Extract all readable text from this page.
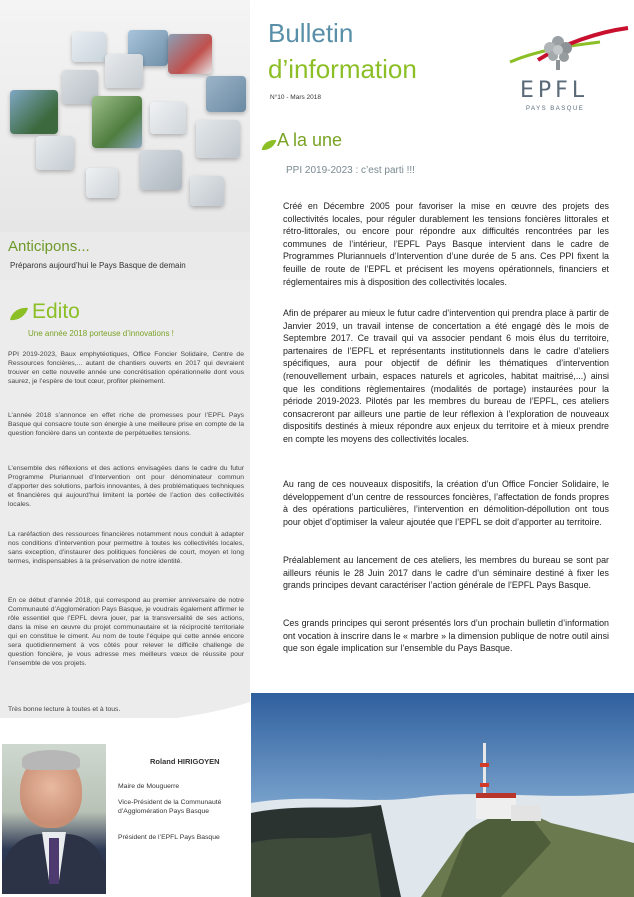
Anticipons...
Préparons aujourd’hui le Pays Basque de demain
Edito
Une année 2018 porteuse d’innovations !
PPI 2019-2023, Baux emphytéotiques, Office Foncier Solidaire, Centre de Ressources foncières,... autant de chantiers ouverts en 2017 qui devraient trouver en cette nouvelle année une concrétisation opérationnelle dont vous saurez, je l’espère de tout cœur, profiter pleinement.
L’année 2018 s’annonce en effet riche de promesses pour l’EPFL Pays Basque qui consacre toute son énergie à une meilleure prise en compte de la question foncière dans un contexte de perpétuelles tensions.
L’ensemble des réflexions et des actions envisagées dans le cadre du futur Programme Pluriannuel d’Intervention ont pour dénominateur commun d’apporter des solutions, parfois innovantes, à des problématiques techniques et financières qui aujourd’hui limitent la portée de l’action des collectivités locales.
La raréfaction des ressources financières notamment nous conduit à adapter nos conditions d’intervention pour permettre à toutes les collectivités locales, sans exception, d’instaurer des politiques foncières de court, moyen et long termes, indispensables à la préservation de notre identité.
En ce début d’année 2018, qui correspond au premier anniversaire de notre Communauté d’Agglomération Pays Basque, je voudrais également affirmer le rôle essentiel que l’EPFL devra jouer, par la transversalité de ses actions, dans la mise en œuvre du projet communautaire et la réciprocité territoriale qui en constitue le ciment. Au nom de toute l’équipe qui cette année encore sera quotidiennement à vos côtés pour relever le difficile challenge de question foncière, je vous adresse mes meilleurs vœux de réussite pour l’ensemble de vos projets.
Très bonne lecture à toutes et à tous.
Roland HIRIGOYEN
Maire de Mouguerre
Vice-Président de la Communauté d’Agglomération Pays Basque
Président de l’EPFL Pays Basque
Bulletin
d’information
N°10 - Mars 2018	EPFL
PAYS BASQUE
A la une
PPI 2019-2023 : c’est parti !!!
Créé en Décembre 2005 pour favoriser la mise en œuvre des projets des collectivités locales, pour réguler durablement les tensions foncières littorales et rétro-littorales, ou encore pour répondre aux difficultés rencontrées par les communes de l’intérieur, l’EPFL Pays Basque intervient dans le cadre de Programmes Pluriannuels d’Intervention d’une durée de 5 ans. Ces PPI fixent la feuille de route de l’EPFL et précisent les moyens opérationnels, financiers et réglementaires mis à disposition des collectivités locales.
Afin de préparer au mieux le futur cadre d’intervention qui prendra place à partir de Janvier 2019, un travail intense de concertation a été engagé dès le mois de Septembre 2017. Ce travail qui va associer pendant 6 mois élus du territoire, partenaires de l’EPFL et représentants institutionnels dans le cadre d’ateliers spécifiques, aura pour objectif de définir les thématiques d’intervention (renouvellement urbain, espaces naturels et agricoles, habitat maitrisé,...) ainsi que les conditions règlementaires (modalités de portage) instaurées pour la période 2019-2023. Pilotés par les membres du bureau de l’EPFL, ces ateliers consacreront par ailleurs une partie de leur réflexion à l’exploration de nouveaux dispositifs destinés à mieux répondre aux enjeux du territoire et à mieux prendre en compte les moyens des collectivités locales.
Au rang de ces nouveaux dispositifs, la création d’un Office Foncier Solidaire, le développement d’un centre de ressources foncières, l’affectation de fonds propres à des opérations particulières, l’intervention en démolition-dépollution ont tous pour objet d’optimiser la valeur ajoutée que l’EPFL se doit d’apporter au territoire.
Préalablement au lancement de ces ateliers, les membres du bureau se sont par ailleurs réunis le 28 Juin 2017 dans le cadre d’un séminaire destiné à fixer les grands principes devant caractériser l’action générale de l’EPFL Pays Basque.
Ces grands principes qui seront présentés lors d’un prochain bulletin d’information ont vocation à inscrire dans le « marbre » la dimension publique de notre outil ainsi que son égale implication sur l’ensemble du Pays Basque.
